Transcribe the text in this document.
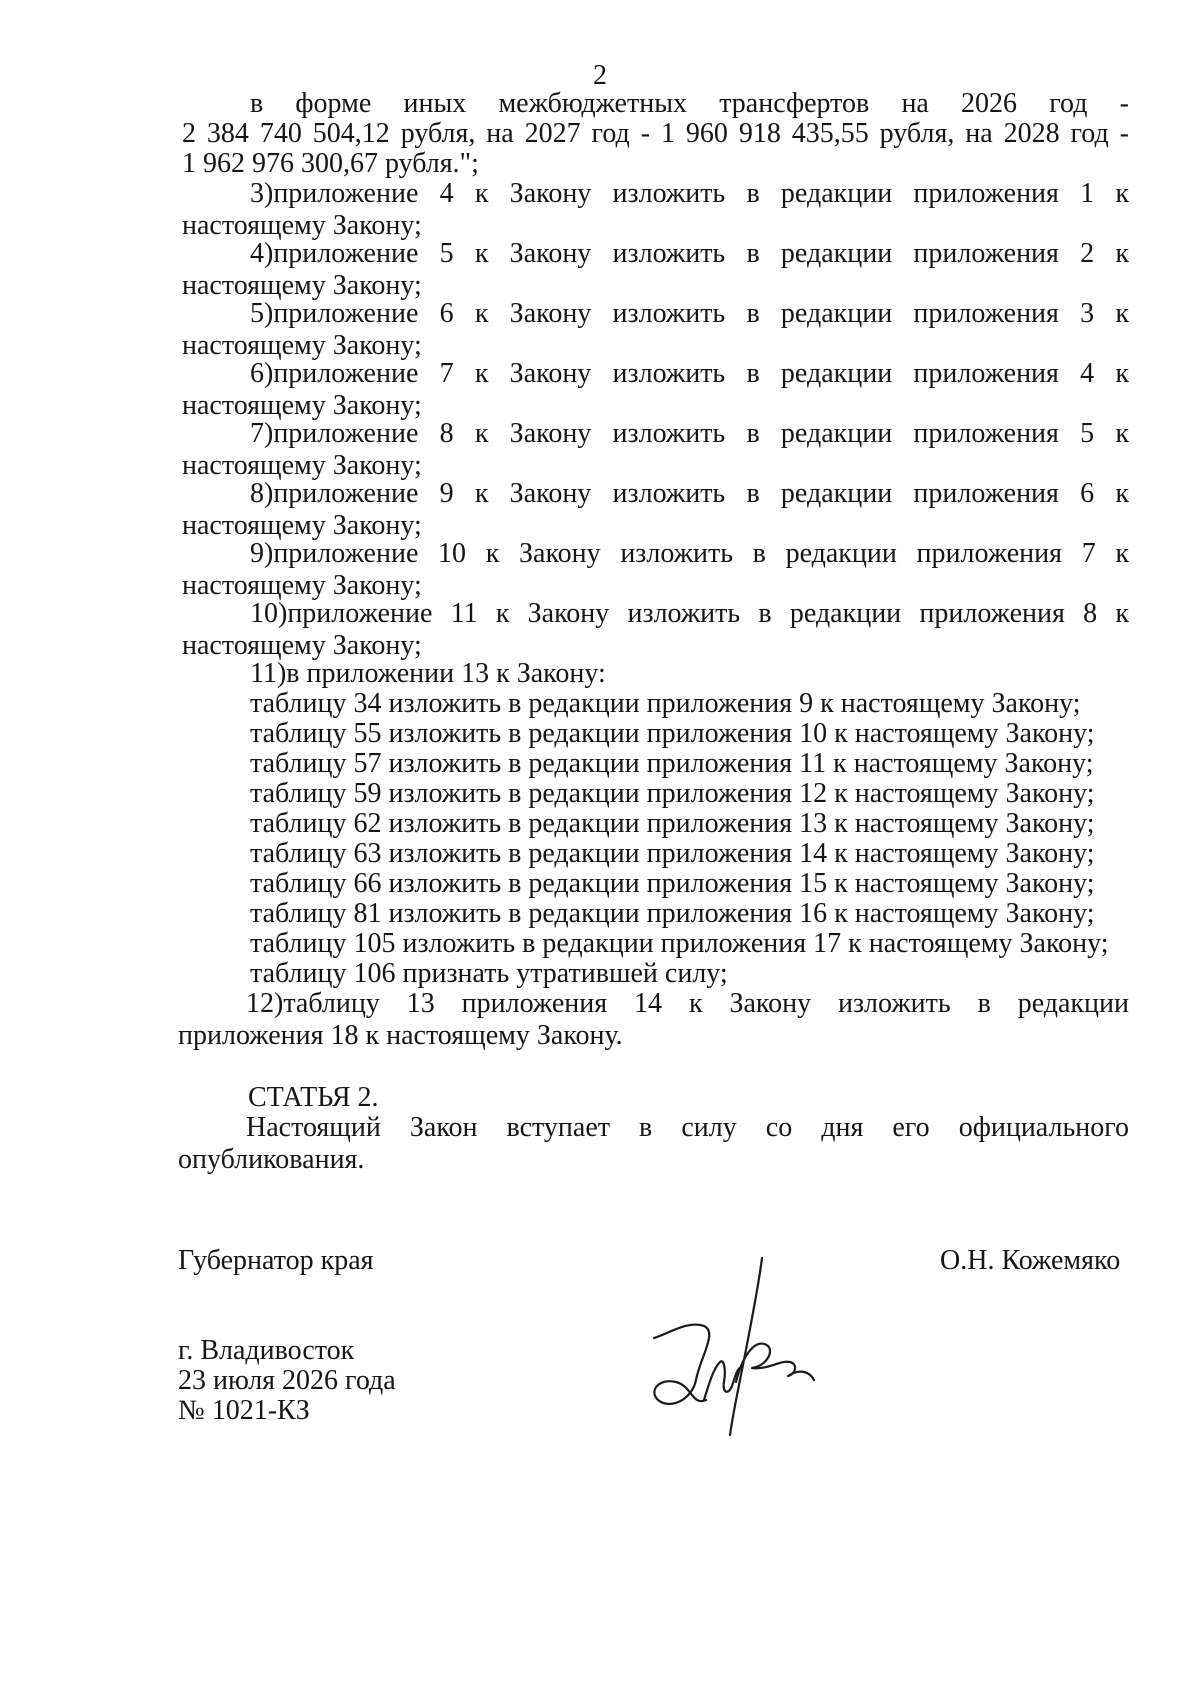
2
в форме иных межбюджетных трансфертов на 2026 год -
2 384 740 504,12 рубля, на 2027 год - 1 960 918 435,55 рубля, на 2028 год -
1 962 976 300,67 рубля.";
3)приложение 4 к Закону изложить в редакции приложения 1 к
настоящему Закону;
4)приложение 5 к Закону изложить в редакции приложения 2 к
настоящему Закону;
5)приложение 6 к Закону изложить в редакции приложения 3 к
настоящему Закону;
6)приложение 7 к Закону изложить в редакции приложения 4 к
настоящему Закону;
7)приложение 8 к Закону изложить в редакции приложения 5 к
настоящему Закону;
8)приложение 9 к Закону изложить в редакции приложения 6 к
настоящему Закону;
9)приложение 10 к Закону изложить в редакции приложения 7 к
настоящему Закону;
10)приложение 11 к Закону изложить в редакции приложения 8 к
настоящему Закону;
11)в приложении 13 к Закону:
таблицу 34 изложить в редакции приложения 9 к настоящему Закону;
таблицу 55 изложить в редакции приложения 10 к настоящему Закону;
таблицу 57 изложить в редакции приложения 11 к настоящему Закону;
таблицу 59 изложить в редакции приложения 12 к настоящему Закону;
таблицу 62 изложить в редакции приложения 13 к настоящему Закону;
таблицу 63 изложить в редакции приложения 14 к настоящему Закону;
таблицу 66 изложить в редакции приложения 15 к настоящему Закону;
таблицу 81 изложить в редакции приложения 16 к настоящему Закону;
таблицу 105 изложить в редакции приложения 17 к настоящему Закону;
таблицу 106 признать утратившей силу;
12)таблицу 13 приложения 14 к Закону изложить в редакции
приложения 18 к настоящему Закону.
СТАТЬЯ 2.
Настоящий Закон вступает в силу со дня его официального
опубликования.
Губернатор края	О.Н. Кожемяко
г. Владивосток
23 июля 2026 года
№ 1021-КЗ
